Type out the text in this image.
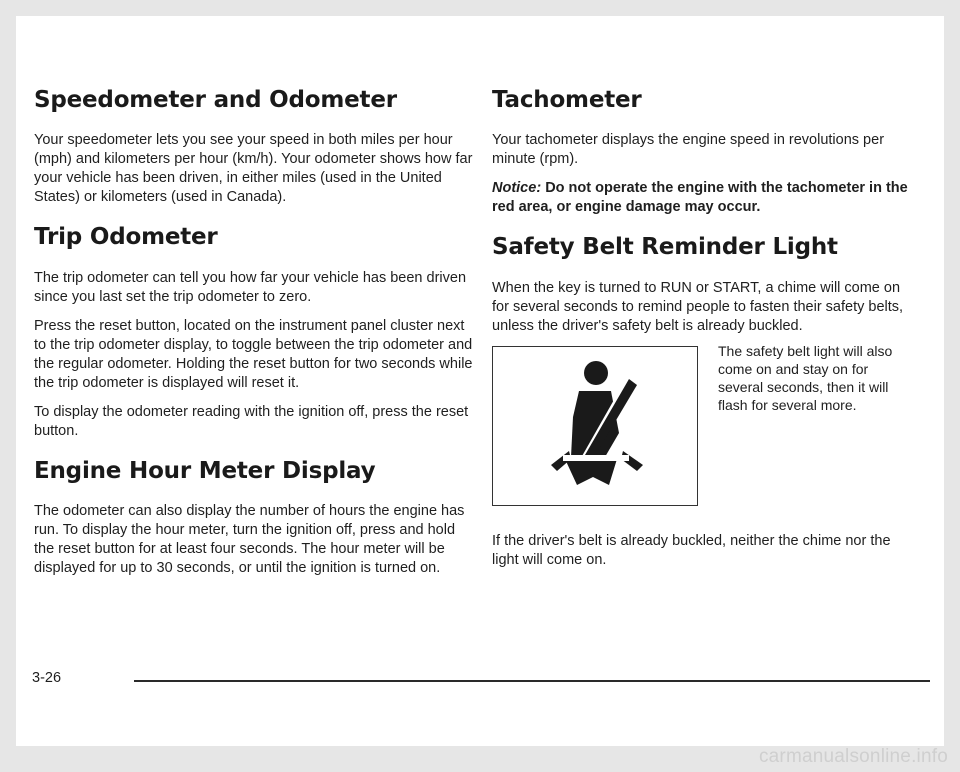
Speedometer and Odometer

Your speedometer lets you see your speed in both miles per hour (mph) and kilometers per hour (km/h). Your odometer shows how far your vehicle has been driven, in either miles (used in the United States) or kilometers (used in Canada).

Trip Odometer

The trip odometer can tell you how far your vehicle has been driven since you last set the trip odometer to zero.

Press the reset button, located on the instrument panel cluster next to the trip odometer display, to toggle between the trip odometer and the regular odometer. Holding the reset button for two seconds while the trip odometer is displayed will reset it.

To display the odometer reading with the ignition off, press the reset button.

Engine Hour Meter Display

The odometer can also display the number of hours the engine has run. To display the hour meter, turn the ignition off, press and hold the reset button for at least four seconds. The hour meter will be displayed for up to 30 seconds, or until the ignition is turned on.

Tachometer

Your tachometer displays the engine speed in revolutions per minute (rpm).

Notice: Do not operate the engine with the tachometer in the red area, or engine damage may occur.

Safety Belt Reminder Light

When the key is turned to RUN or START, a chime will come on for several seconds to remind people to fasten their safety belts, unless the driver's safety belt is already buckled.

The safety belt light will also come on and stay on for several seconds, then it will flash for several more.

If the driver's belt is already buckled, neither the chime nor the light will come on.

3-26
carmanualsonline.info
